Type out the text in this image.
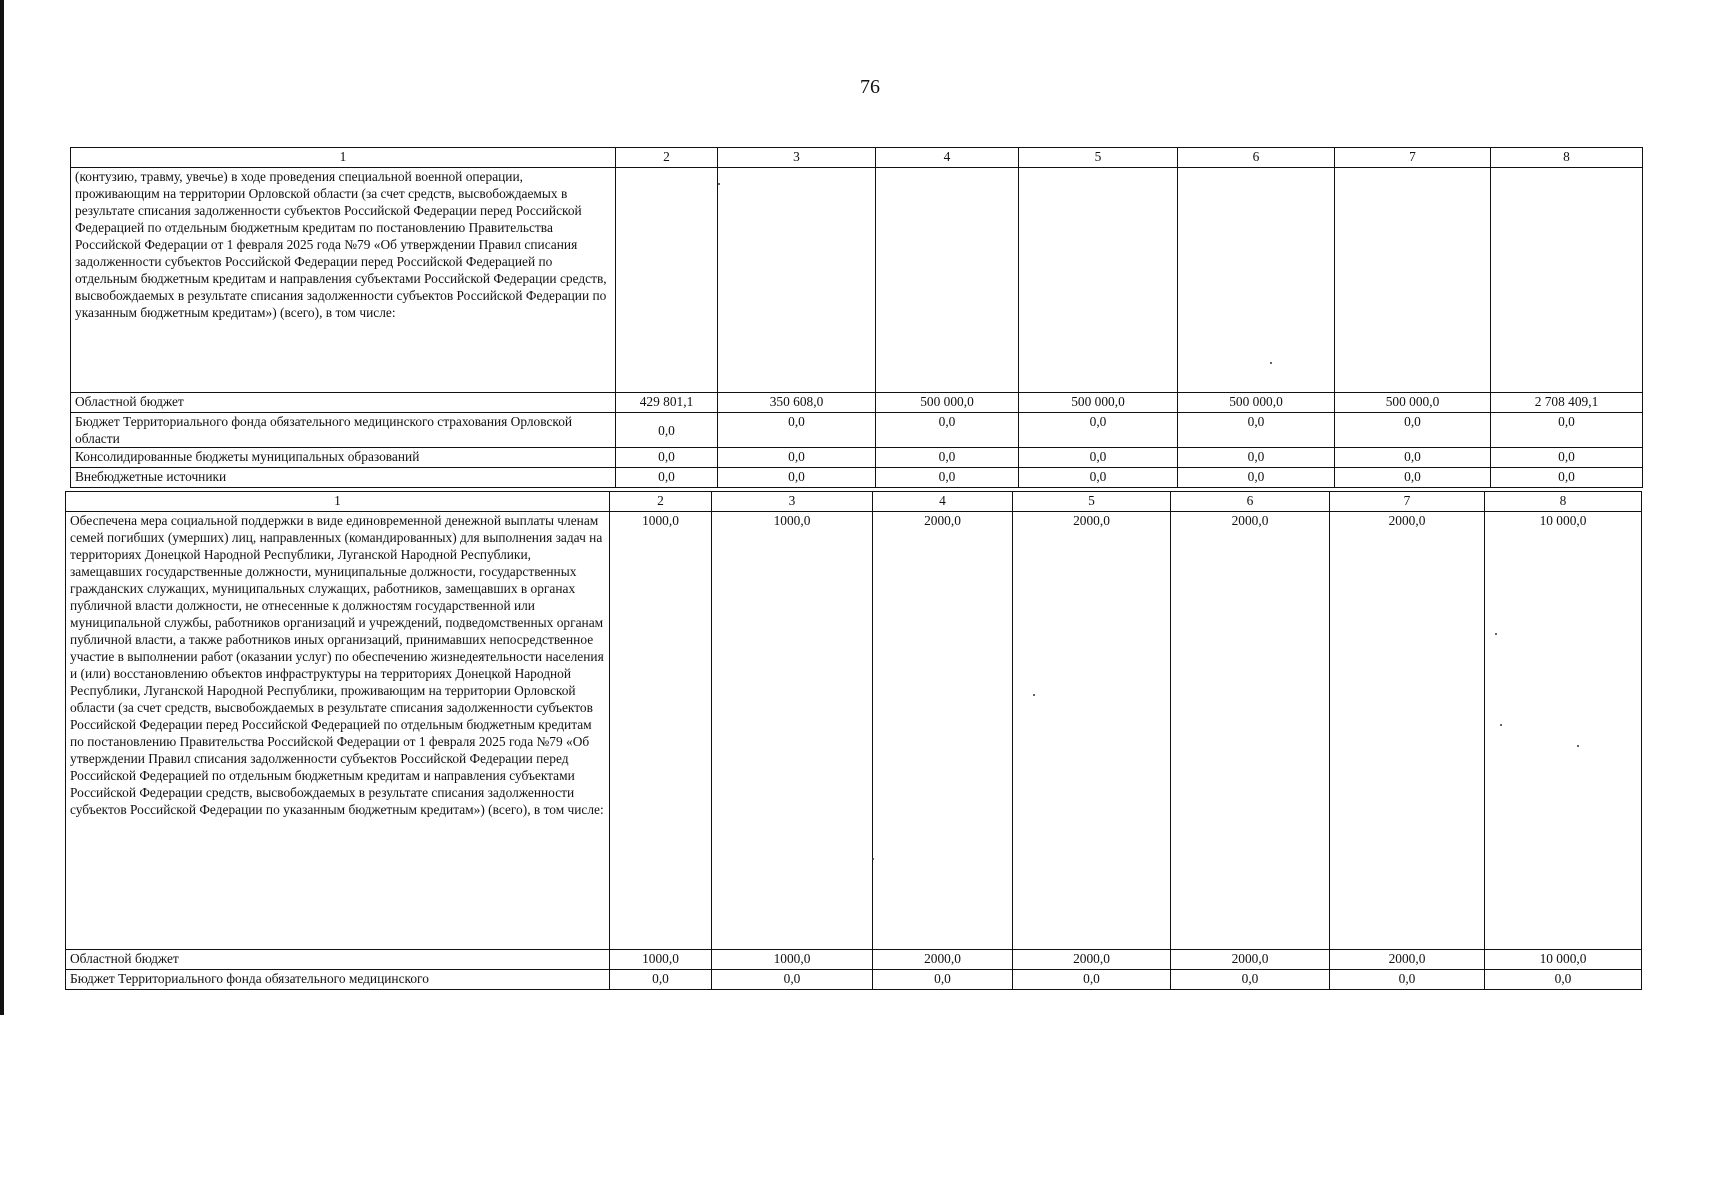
76
1	2	3	4	5	6	7	8
(контузию, травму, увечье) в ходе проведения специальной военной операции, проживающим на территории Орловской области (за счет средств, высвобождаемых в результате списания задолженности субъектов Российской Федерации перед Российской Федерацией по отдельным бюджетным кредитам по постановлению Правительства Российской Федерации от 1 февраля 2025 года №79 «Об утверждении Правил списания задолженности субъектов Российской Федерации перед Российской Федерацией по отдельным бюджетным кредитам и направления субъектами Российской Федерации средств, высвобождаемых в результате списания задолженности субъектов Российской Федерации по указанным бюджетным кредитам») (всего), в том числе:							
Областной бюджет	429 801,1	350 608,0	500 000,0	500 000,0	500 000,0	500 000,0	2 708 409,1
Бюджет Территориального фонда обязательного медицинского страхования Орловской области	0,0	0,0	0,0	0,0	0,0	0,0	0,0
Консолидированные бюджеты муниципальных образований	0,0	0,0	0,0	0,0	0,0	0,0	0,0
Внебюджетные источники	0,0	0,0	0,0	0,0	0,0	0,0	0,0
1	2	3	4	5	6	7	8
Обеспечена мера социальной поддержки в виде единовременной денежной выплаты членам семей погибших (умерших) лиц, направленных (командированных) для выполнения задач на территориях Донецкой Народной Республики, Луганской Народной Республики, замещавших государственные должности, муниципальные должности, государственных гражданских служащих, муниципальных служащих, работников, замещавших в органах публичной власти должности, не отнесенные к должностям государственной или муниципальной службы, работников организаций и учреждений, подведомственных органам публичной власти, а также работников иных организаций, принимавших непосредственное участие в выполнении работ (оказании услуг) по обеспечению жизнедеятельности населения и (или) восстановлению объектов инфраструктуры на территориях Донецкой Народной Республики, Луганской Народной Республики, проживающим на территории Орловской области (за счет средств, высвобождаемых в результате списания задолженности субъектов Российской Федерации перед Российской Федерацией по отдельным бюджетным кредитам по постановлению Правительства Российской Федерации от 1 февраля 2025 года №79 «Об утверждении Правил списания задолженности субъектов Российской Федерации перед Российской Федерацией по отдельным бюджетным кредитам и направления субъектами Российской Федерации средств, высвобождаемых в результате списания задолженности субъектов Российской Федерации по указанным бюджетным кредитам») (всего), в том числе:	1000,0	1000,0	2000,0	2000,0	2000,0	2000,0	10 000,0
Областной бюджет	1000,0	1000,0	2000,0	2000,0	2000,0	2000,0	10 000,0
Бюджет Территориального фонда обязательного медицинского	0,0	0,0	0,0	0,0	0,0	0,0	0,0
